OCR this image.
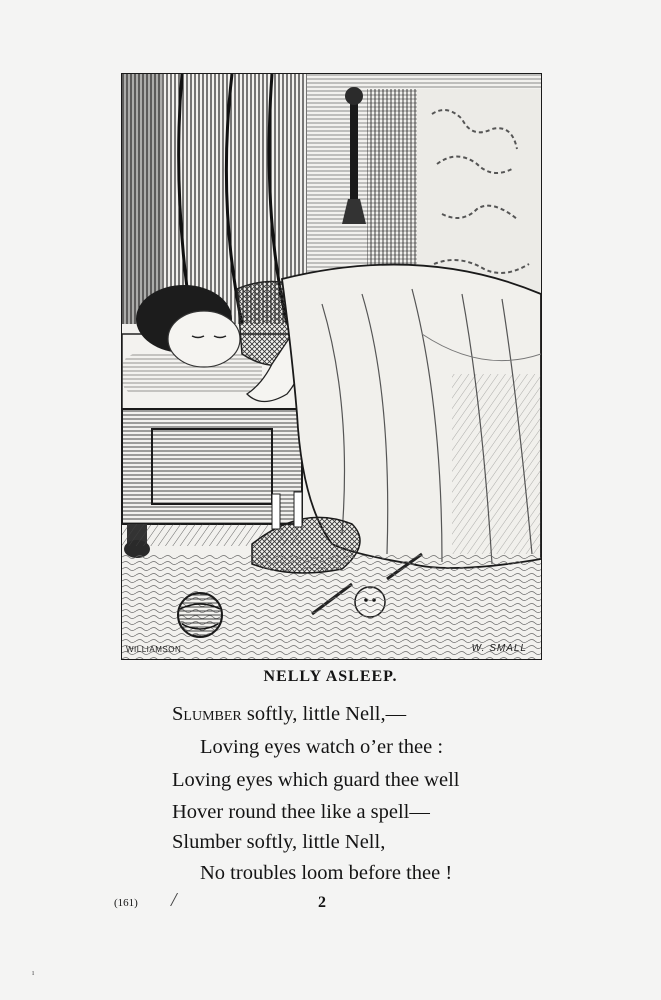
WILLIAMSON	W. SMALL
NELLY ASLEEP.
Slumber softly, little Nell,—
Loving eyes watch o’er thee :
Loving eyes which guard thee well
Hover round thee like a spell—
Slumber softly, little Nell,
No troubles loom before thee !
(161) /	2
ı
